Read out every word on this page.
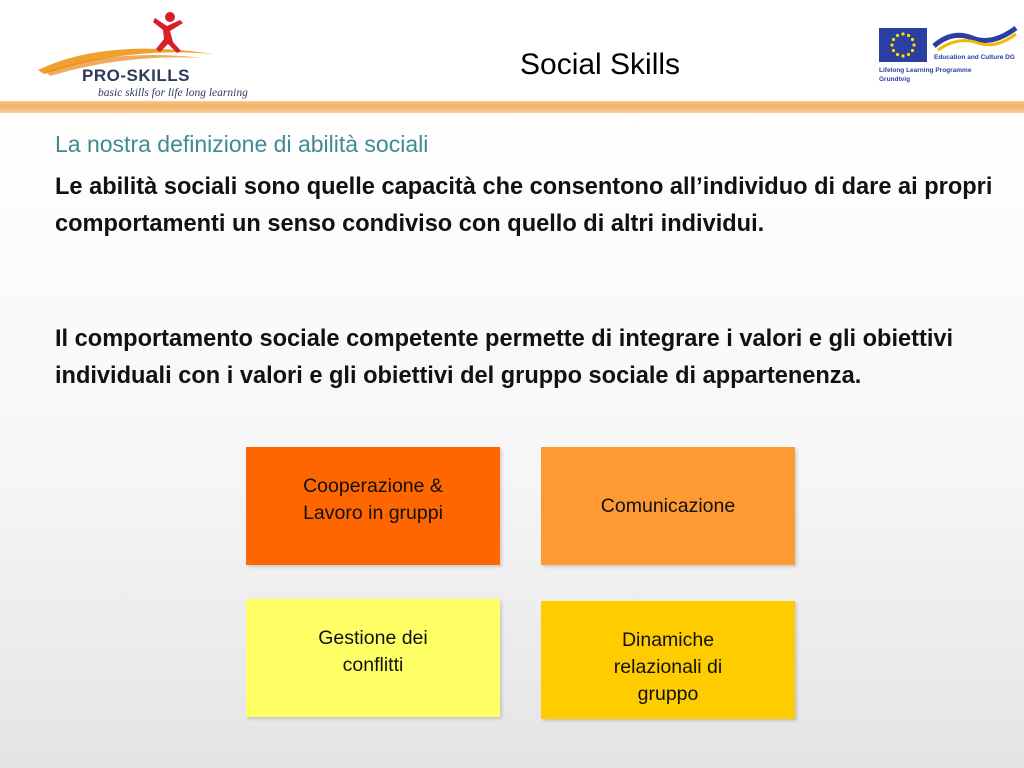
PRO-SKILLS
basic skills for life long learning
Social Skills	Education and Culture DG
Lifelong Learning Programme
Grundtvig
La nostra definizione di abilità sociali
Le abilità sociali sono quelle capacità che consentono all’individuo di dare ai propri comportamenti un senso condiviso con quello di altri individui.
Il comportamento sociale competente permette di integrare i valori e gli obiettivi individuali con i valori e gli obiettivi del gruppo sociale di appartenenza.
Cooperazione &
Lavoro in gruppi	Comunicazione
Gestione dei
conflitti
Dinamiche
relazionali di
gruppo
